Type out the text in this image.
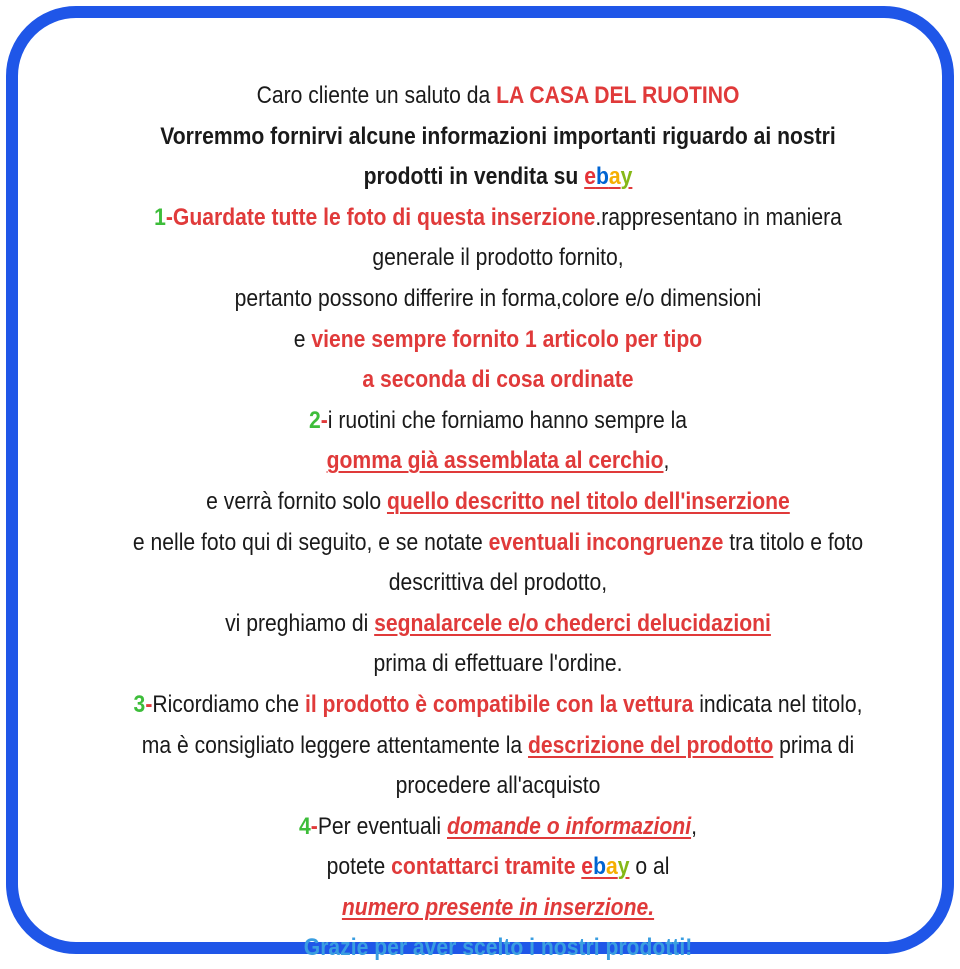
Caro cliente un saluto da LA CASA DEL RUOTINO
Vorremmo fornirvi alcune informazioni importanti riguardo ai nostri
prodotti in vendita su ebay
1-Guardate tutte le foto di questa inserzione.rappresentano in maniera
generale il prodotto fornito,
pertanto possono differire in forma,colore e/o dimensioni
e viene sempre fornito 1 articolo per tipo
a seconda di cosa ordinate
2-i ruotini che forniamo hanno sempre la
gomma già assemblata al cerchio,
e verrà fornito solo quello descritto nel titolo dell'inserzione
e nelle foto qui di seguito, e se notate eventuali incongruenze tra titolo e foto
descrittiva del prodotto,
vi preghiamo di segnalarcele e/o chederci delucidazioni
prima di effettuare l'ordine.
3-Ricordiamo che il prodotto è compatibile con la vettura indicata nel titolo,
ma è consigliato leggere attentamente la descrizione del prodotto prima di
procedere all'acquisto
4-Per eventuali domande o informazioni,
potete contattarci tramite ebay o al
numero presente in inserzione.
Grazie per aver scelto i nostri prodotti!
